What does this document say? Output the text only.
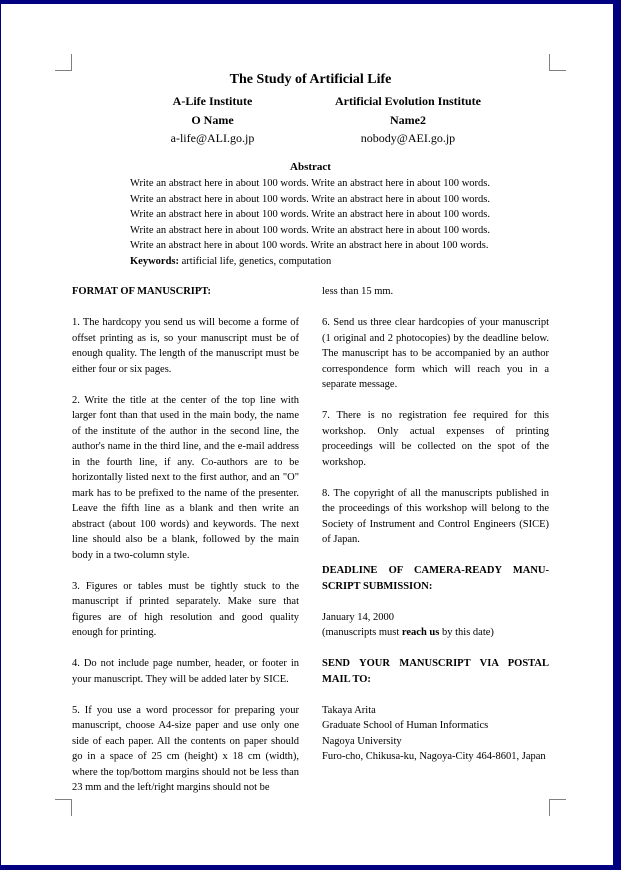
The Study of Artificial Life
A-Life Institute
O Name
a-life@ALI.go.jp
Artificial Evolution Institute
Name2
nobody@AEI.go.jp
Abstract
Write an abstract here in about 100 words. Write an abstract here in about 100 words. Write an abstract here in about 100 words. Write an abstract here in about 100 words. Write an abstract here in about 100 words. Write an abstract here in about 100 words. Write an abstract here in about 100 words. Write an abstract here in about 100 words. Write an abstract here in about 100 words. Write an abstract here in about 100 words.
Keywords: artificial life, genetics, computation

FORMAT OF MANUSCRIPT:

1. The hardcopy you send us will become a forme of offset printing as is, so your manuscript must be of enough quality. The length of the manuscript must be either four or six pages.

2. Write the title at the center of the top line with larger font than that used in the main body, the name of the institute of the author in the second line, the author's name in the third line, and the e-mail address in the fourth line, if any. Co-authors are to be horizontally listed next to the first author, and an "O" mark has to be prefixed to the name of the presenter. Leave the fifth line as a blank and then write an abstract (about 100 words) and keywords. The next line should also be a blank, followed by the main body in a two-column style.

3. Figures or tables must be tightly stuck to the manuscript if printed separately. Make sure that figures are of high resolution and good quality enough for printing.

4. Do not include page number, header, or footer in your manuscript. They will be added later by SICE.

5. If you use a word processor for preparing your manuscript, choose A4-size paper and use only one side of each paper. All the contents on paper should go in a space of 25 cm (height) x 18 cm (width), where the top/bottom margins should not be less than 23 mm and the left/right margins should not be

less than 15 mm.

6. Send us three clear hardcopies of your manuscript (1 original and 2 photocopies) by the deadline below. The manuscript has to be accompanied by an author correspondence form which will reach you in a separate message.

7. There is no registration fee required for this workshop. Only actual expenses of printing proceedings will be collected on the spot of the workshop.

8. The copyright of all the manuscripts published in the proceedings of this workshop will belong to the Society of Instrument and Control Engineers (SICE) of Japan.

DEADLINE OF CAMERA-READY MANU-SCRIPT SUBMISSION:

January 14, 2000
(manuscripts must reach us by this date)

SEND YOUR MANUSCRIPT VIA POSTAL MAIL TO:

Takaya Arita
Graduate School of Human Informatics
Nagoya University
Furo-cho, Chikusa-ku, Nagoya-City 464-8601, Japan
